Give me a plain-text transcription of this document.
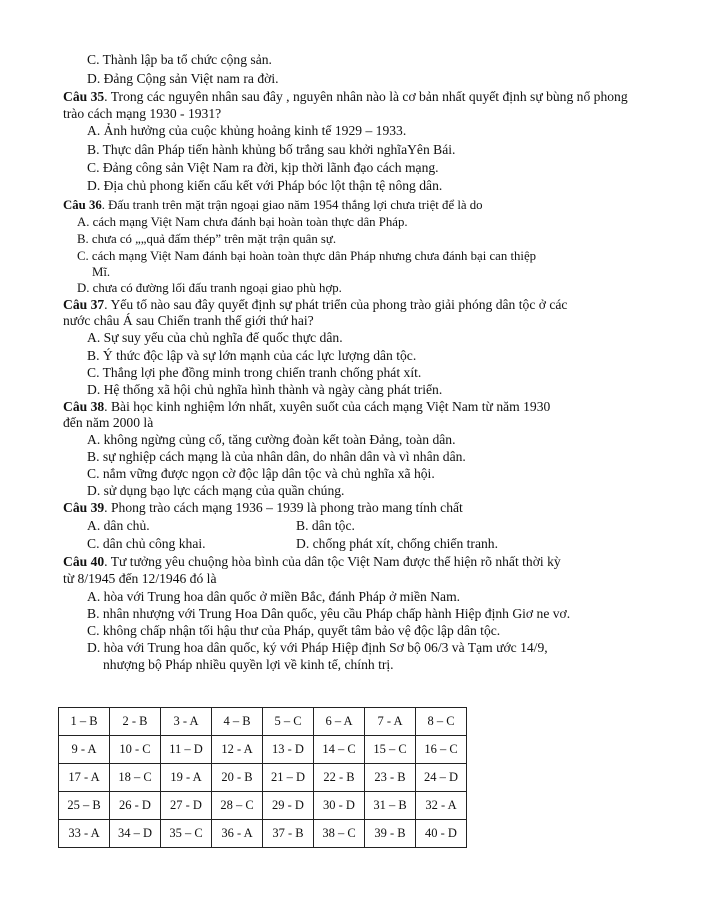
C. Thành lập ba tổ chức cộng sản.
D. Đảng Cộng sản Việt nam ra đời.
Câu 35. Trong các nguyên nhân sau đây , nguyên nhân nào là cơ bản nhất quyết định sự bùng nổ phong
trào cách mạng 1930 - 1931?
A. Ảnh hưởng của cuộc khủng hoảng kinh tế 1929 – 1933.
B. Thực dân Pháp tiến hành khủng bố trắng sau khởi nghĩaYên Bái.
C. Đảng công sản Việt Nam ra đời, kịp thời lãnh đạo cách mạng.
D. Địa chủ phong kiến cấu kết với Pháp bóc lột thận tệ nông dân.
Câu 36. Đấu tranh trên mặt trận ngoại giao năm 1954 thắng lợi chưa triệt để là do
A. cách mạng Việt Nam chưa đánh bại hoàn toàn thực dân Pháp.
B. chưa có „„quả đấm thép” trên mặt trận quân sự.
C. cách mạng Việt Nam đánh bại hoàn toàn thực dân Pháp nhưng chưa đánh bại can thiệp
Mĩ.
D. chưa có đường lối đấu tranh ngoại giao phù hợp.
Câu 37. Yếu tố nào sau đây quyết định sự phát triển của phong trào giải phóng dân tộc ở các
nước châu Á sau Chiến tranh thế giới thứ hai?
A. Sự suy yếu của chủ nghĩa đế quốc thực dân.
B. Ý thức độc lập và sự lớn mạnh của các lực lượng dân tộc.
C. Thắng lợi phe đồng minh trong chiến tranh chống phát xít.
D. Hệ thống xã hội chủ nghĩa hình thành và ngày càng phát triển.
Câu 38. Bài học kinh nghiệm lớn nhất, xuyên suốt của cách mạng Việt Nam từ năm 1930
đến năm 2000 là
A. không ngừng củng cố, tăng cường đoàn kết toàn Đảng, toàn dân.
B. sự nghiệp cách mạng là của nhân dân, do nhân dân và vì nhân dân.
C. nắm vững được ngọn cờ độc lập dân tộc và chủ nghĩa xã hội.
D. sử dụng bạo lực cách mạng của quần chúng.
Câu 39. Phong trào cách mạng 1936 – 1939 là phong trào mang tính chất
A. dân chủ.	B. dân tộc.
C. dân chủ công khai.	D. chống phát xít, chống chiến tranh.
Câu 40. Tư tưởng yêu chuộng hòa bình của dân tộc Việt Nam được thể hiện rõ nhất thời kỳ
từ 8/1945 đến 12/1946 đó là
A. hòa với Trung hoa dân quốc ở miền Bắc, đánh Pháp ở miền Nam.
B. nhân nhượng với Trung Hoa Dân quốc, yêu cầu Pháp chấp hành Hiệp định Giơ ne vơ.
C. không chấp nhận tối hậu thư của Pháp, quyết tâm bảo vệ độc lập dân tộc.
D. hòa với Trung hoa dân quốc, ký với Pháp Hiệp định Sơ bộ 06/3 và Tạm ước 14/9,
nhượng bộ Pháp nhiều quyền lợi về kinh tế, chính trị.
1 – B	2 - B	3 - A	4 – B	5 – C	6 – A	7 - A	8 – C
9 - A	10 - C	11 – D	12 - A	13 - D	14 – C	15 – C	16 – C
17 - A	18 – C	19 - A	20 - B	21 – D	22 - B	23 - B	24 – D
25 – B	26 - D	27 - D	28 – C	29 - D	30 - D	31 – B	32 - A
33 - A	34 – D	35 – C	36 - A	37 - B	38 – C	39 - B	40 - D
